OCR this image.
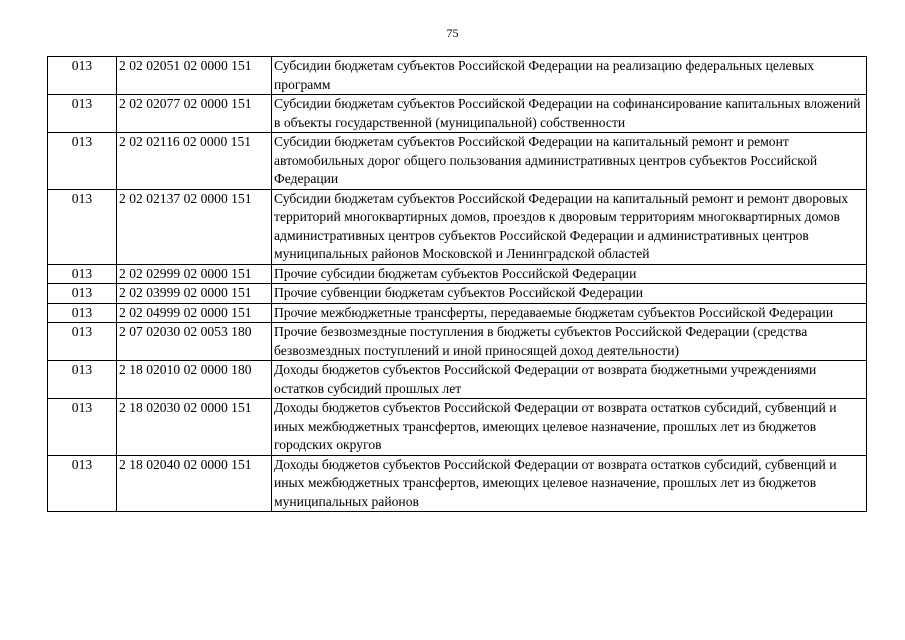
75
013	2 02 02051 02 0000 151	Субсидии бюджетам субъектов Российской Федерации на реализацию федеральных целевых программ
013	2 02 02077 02 0000 151	Субсидии бюджетам субъектов Российской Федерации на софинансирование капитальных вложений в объекты государственной (муниципальной) собственности
013	2 02 02116 02 0000 151	Субсидии бюджетам субъектов Российской Федерации на капитальный ремонт и ремонт автомобильных дорог общего пользования административных центров субъектов Российской Федерации
013	2 02 02137 02 0000 151	Субсидии бюджетам субъектов Российской Федерации на капитальный ремонт и ремонт дворовых территорий многоквартирных домов, проездов к дворовым территориям многоквартирных домов административных центров субъектов Российской Федерации и административных центров муниципальных районов Московской и Ленинградской областей
013	2 02 02999 02 0000 151	Прочие субсидии бюджетам субъектов Российской Федерации
013	2 02 03999 02 0000 151	Прочие субвенции бюджетам субъектов Российской Федерации
013	2 02 04999 02 0000 151	Прочие межбюджетные трансферты, передаваемые бюджетам субъектов Российской Федерации
013	2 07 02030 02 0053 180	Прочие безвозмездные поступления в бюджеты субъектов Российской Федерации (средства безвозмездных поступлений и иной приносящей доход деятельности)
013	2 18 02010 02 0000 180	Доходы бюджетов субъектов Российской Федерации от возврата бюджетными учреждениями остатков субсидий прошлых лет
013	2 18 02030 02 0000 151	Доходы бюджетов субъектов Российской Федерации от возврата остатков субсидий, субвенций и иных межбюджетных трансфертов, имеющих целевое назначение, прошлых лет из бюджетов городских округов
013	2 18 02040 02 0000 151	Доходы бюджетов субъектов Российской Федерации от возврата остатков субсидий, субвенций и иных межбюджетных трансфертов, имеющих целевое назначение, прошлых лет из бюджетов муниципальных районов
